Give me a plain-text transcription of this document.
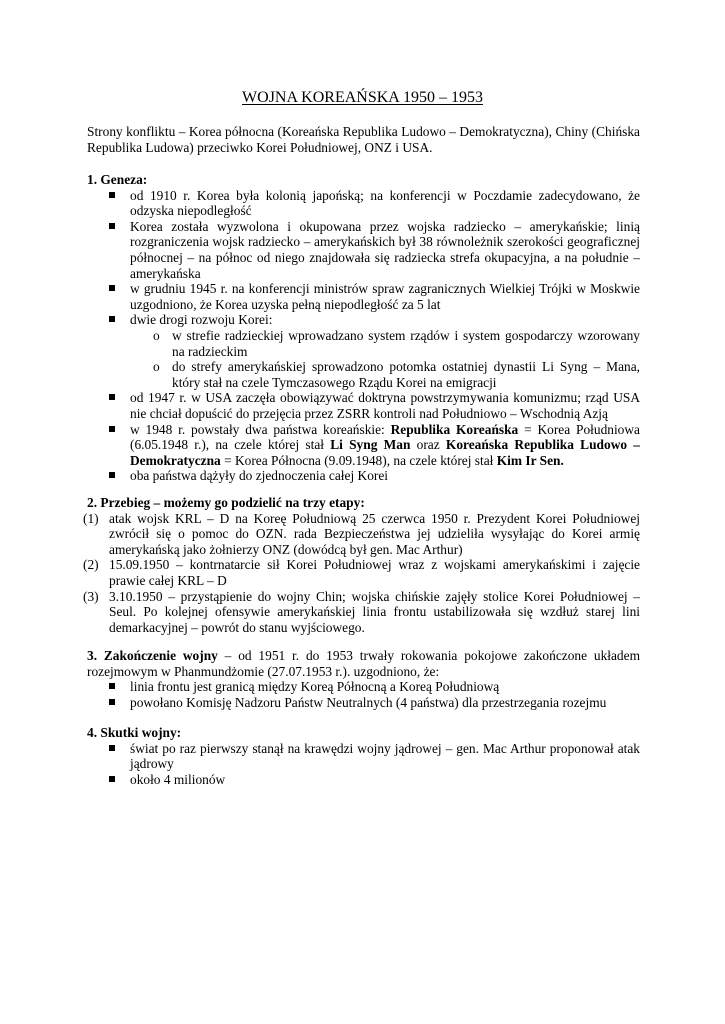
WOJNA KOREAŃSKA 1950 – 1953
Strony konfliktu – Korea północna (Koreańska Republika Ludowo – Demokratyczna), Chiny (Chińska Republika Ludowa) przeciwko Korei Południowej, ONZ i USA.
1. Geneza:
od 1910 r. Korea była kolonią japońską; na konferencji w Poczdamie zadecydowano, że odzyska niepodległość
Korea została wyzwolona i okupowana przez wojska radzieckо – amerykańskie; linią rozgraniczenia wojsk radziecko – amerykańskich był 38 równoleżnik szerokości geograficznej północnej – na północ od niego znajdowała się radziecka strefa okupacyjna, a na południe – amerykańska
w grudniu 1945 r. na konferencji ministrów spraw zagranicznych Wielkiej Trójki w Moskwie uzgodniono, że Korea uzyska pełną niepodległość za 5 lat
dwie drogi rozwoju Korei:
o w strefie radzieckiej wprowadzano system rządów i system gospodarczy wzorowany na radzieckim
o do strefy amerykańskiej sprowadzono potomka ostatniej dynastii Li Syng – Mana, który stał na czele Tymczasowego Rządu Korei na emigracji
od 1947 r. w USA zaczęła obowiązywać doktryna powstrzymywania komunizmu; rząd USA nie chciał dopuścić do przejęcia przez ZSRR kontroli nad Południowo – Wschodnią Azją
w 1948 r. powstały dwa państwa koreańskie: Republika Koreańska = Korea Południowa (6.05.1948 r.), na czele której stał Li Syng Man oraz Koreańska Republika Ludowo – Demokratyczna = Korea Północna (9.09.1948), na czele której stał Kim Ir Sen.
oba państwa dążyły do zjednoczenia całej Korei
2. Przebieg – możemy go podzielić na trzy etapy:
(1) atak wojsk KRL – D na Koreę Południową 25 czerwca 1950 r. Prezydent Korei Południowej zwrócił się o pomoc do OZN. rada Bezpieczeństwa jej udzieliła wysyłając do Korei armię amerykańską jako żołnierzy ONZ (dowódcą był gen. Mac Arthur)
(2) 15.09.1950 – kontrnatarcie sił Korei Południowej wraz z wojskami amerykańskimi i zajęcie prawie całej KRL – D
(3) 3.10.1950 – przystąpienie do wojny Chin; wojska chińskie zajęły stolice Korei Południowej – Seul. Po kolejnej ofensywie amerykańskiej linia frontu ustabilizowała się wzdłuż starej lini demarkacyjnej – powrót do stanu wyjściowego.
3. Zakończenie wojny – od 1951 r. do 1953 trwały rokowania pokojowe zakończone układem rozejmowym w Phanmundżomie (27.07.1953 r.). uzgodniono, że:
linia frontu jest granicą między Koreą Północną a Koreą Południową
powołano Komisję Nadzoru Państw Neutralnych (4 państwa) dla przestrzegania rozejmu
4. Skutki wojny:
świat po raz pierwszy stanął na krawędzi wojny jądrowej – gen. Mac Arthur proponował atak jądrowy
około 4 milionów
